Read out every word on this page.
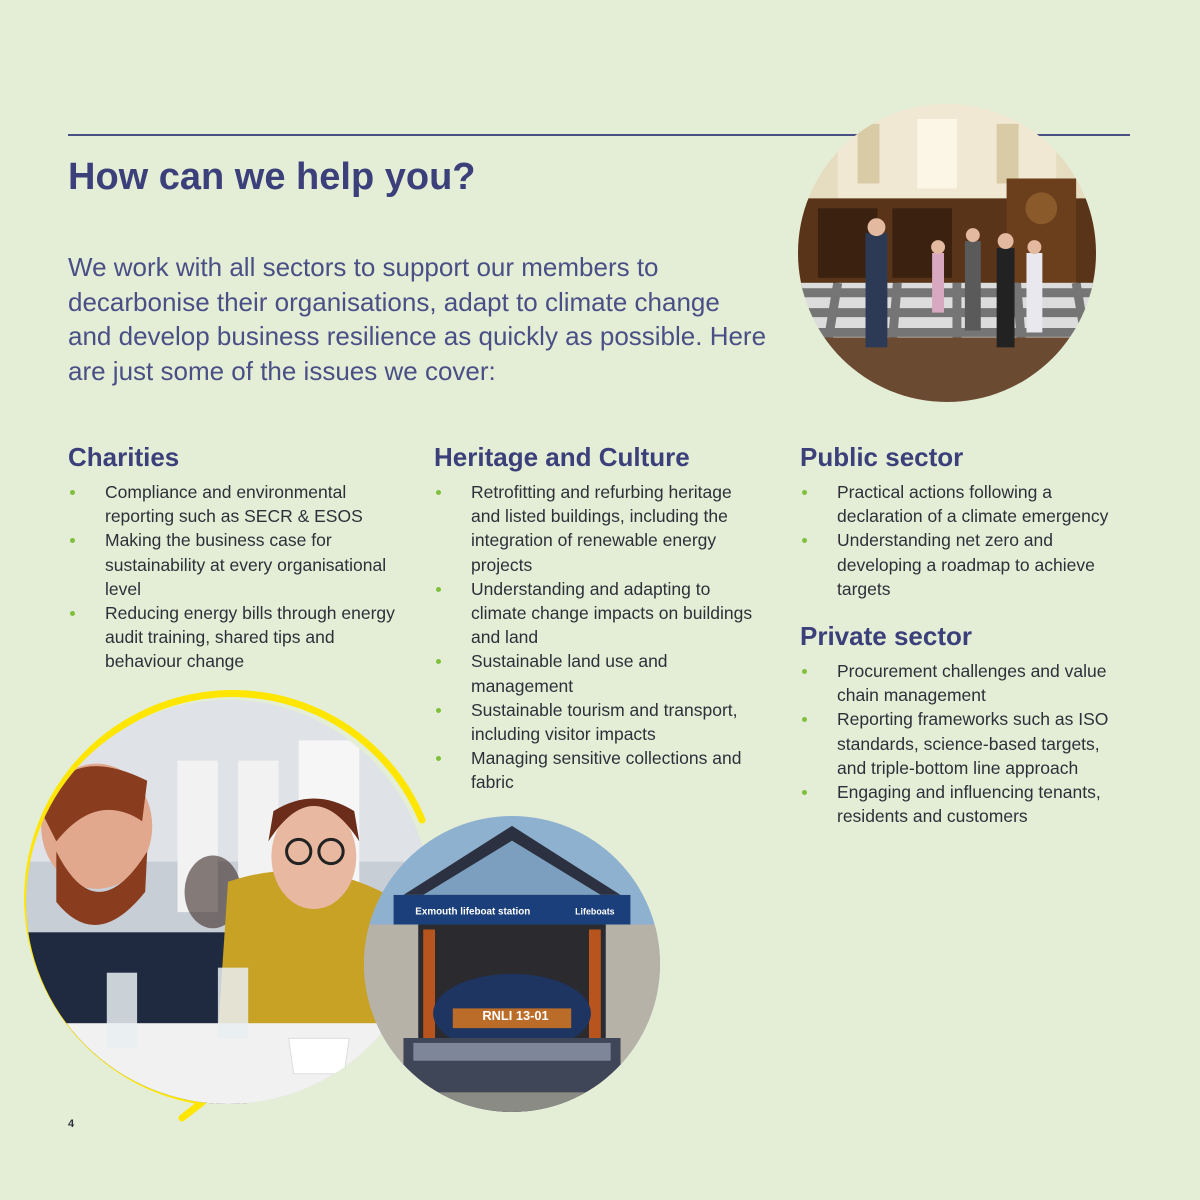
How can we help you?

We work with all sectors to support our members to decarbonise their organisations, adapt to climate change and develop business resilience as quickly as possible. Here are just some of the issues we cover:

Charities
Compliance and environmental reporting such as SECR & ESOS
Making the business case for sustainability at every organisational level
Reducing energy bills through energy audit training, shared tips and behaviour change
Heritage and Culture
Retrofitting and refurbing heritage and listed buildings, including the integration of renewable energy projects
Understanding and adapting to climate change impacts on buildings and land
Sustainable land use and management
Sustainable tourism and transport, including visitor impacts
Managing sensitive collections and fabric
Public sector
Practical actions following a declaration of a climate emergency
Understanding net zero and developing a roadmap to achieve targets
Private sector
Procurement challenges and value chain management
Reporting frameworks such as ISO standards, science-based targets, and triple-bottom line approach
Engaging and influencing tenants, residents and customers
Exmouth lifeboat station	Lifeboats
RNLI 13-01
4
